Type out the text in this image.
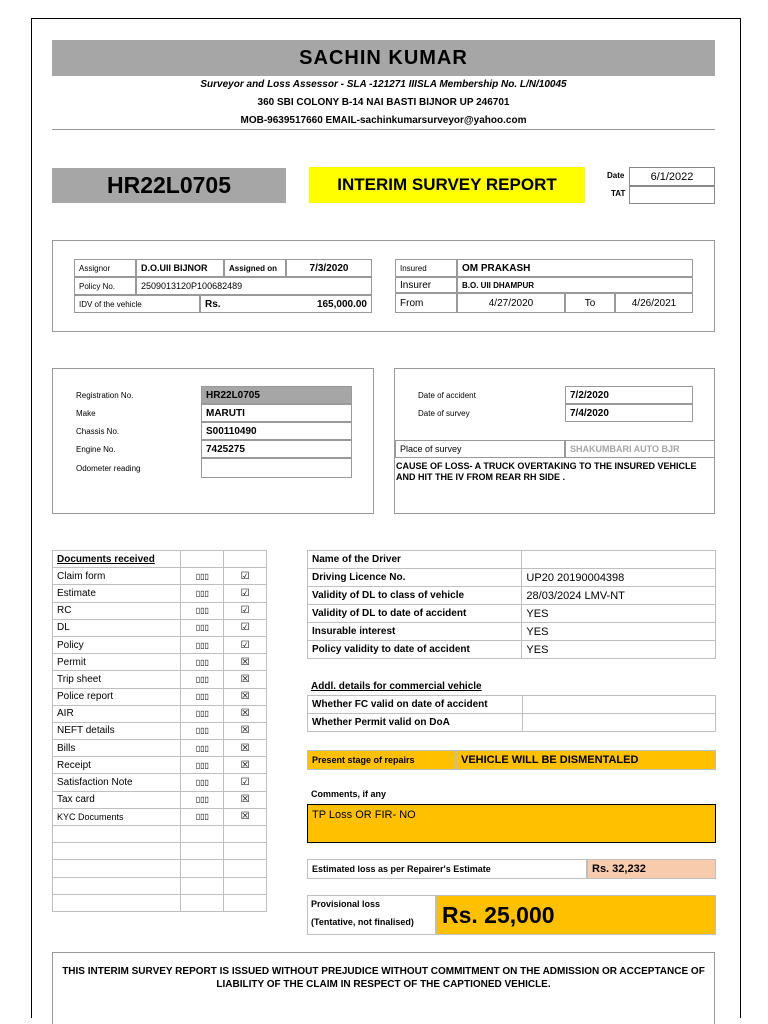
SACHIN KUMAR
Surveyor and Loss Assessor - SLA -121271 IIISLA Membership No. L/N/10045
360 SBI COLONY B-14 NAI BASTI BIJNOR UP 246701
MOB-9639517660 EMAIL-sachinkumarsurveyor@yahoo.com
HR22L0705	INTERIM SURVEY REPORT	Date	6/1/2022
TAT
Assignor	D.O.UII BIJNOR	Assigned on	7/3/2020
Policy No.	2509013120P100682489
IDV of the vehicle	Rs.	165,000.00
Insured	OM PRAKASH
Insurer	B.O. UII DHAMPUR
From	4/27/2020	To	4/26/2021
Registration No.	HR22L0705
Make	MARUTI
Chassis No.	S00110490
Engine No.	7425275
Odometer reading
Date of accident	7/2/2020
Date of survey	7/4/2020
Place of survey	SHAKUMBARI AUTO BJR
CAUSE OF LOSS- A TRUCK OVERTAKING TO THE INSURED VEHICLE AND HIT THE IV FROM REAR RH SIDE .
Documents received		
Claim form	▯▯▯	☑
Estimate	▯▯▯	☑
RC	▯▯▯	☑
DL	▯▯▯	☑
Policy	▯▯▯	☑
Permit	▯▯▯	☒
Trip sheet	▯▯▯	☒
Police report	▯▯▯	☒
AIR	▯▯▯	☒
NEFT details	▯▯▯	☒
Bills	▯▯▯	☒
Receipt	▯▯▯	☒
Satisfaction Note	▯▯▯	☑
Tax card	▯▯▯	☒
KYC Documents	▯▯▯	☒

Name of the Driver	
Driving Licence No.	UP20 20190004398
Validity of DL to class of vehicle	28/03/2024 LMV-NT
Validity of DL to date of accident	YES
Insurable interest	YES
Policy validity to date of accident	YES
Addl. details for commercial vehicle
Whether FC valid on date of accident	
Whether Permit valid on DoA	
Present stage of repairs	VEHICLE WILL BE DISMENTALED
Comments, if any
TP Loss OR FIR- NO
Estimated loss as per Repairer's Estimate	Rs. 32,232
Provisional loss
(Tentative, not finalised) Rs. 25,000
THIS INTERIM SURVEY REPORT IS ISSUED WITHOUT PREJUDICE WITHOUT COMMITMENT ON THE ADMISSION OR ACCEPTANCE OF LIABILITY OF THE CLAIM IN RESPECT OF THE CAPTIONED VEHICLE.
